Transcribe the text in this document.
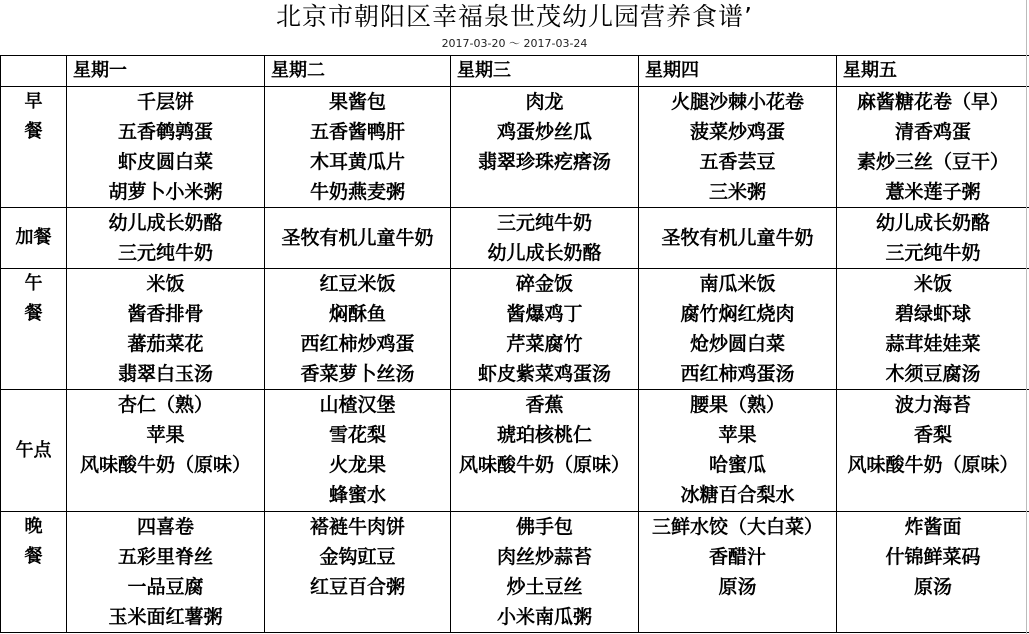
北京市朝阳区幸福泉世茂幼儿园营养食谱’
2017-03-20 ～ 2017-03-24
	星期一	星期二	星期三	星期四	星期五

早
餐	千层饼
五香鹌鹑蛋
虾皮圆白菜
胡萝卜小米粥	果酱包
五香酱鸭肝
木耳黄瓜片
牛奶燕麦粥	肉龙
鸡蛋炒丝瓜
翡翠珍珠疙瘩汤	火腿沙棘小花卷
菠菜炒鸡蛋
五香芸豆
三米粥	麻酱糖花卷（早）
清香鸡蛋
素炒三丝（豆干）
薏米莲子粥

加餐	幼儿成长奶酪
三元纯牛奶	圣牧有机儿童牛奶	三元纯牛奶
幼儿成长奶酪	圣牧有机儿童牛奶	幼儿成长奶酪
三元纯牛奶

午
餐	米饭
酱香排骨
蕃茄菜花
翡翠白玉汤	红豆米饭
焖酥鱼
西红柿炒鸡蛋
香菜萝卜丝汤	碎金饭
酱爆鸡丁
芹菜腐竹
虾皮紫菜鸡蛋汤	南瓜米饭
腐竹焖红烧肉
炝炒圆白菜
西红柿鸡蛋汤	米饭
碧绿虾球
蒜茸娃娃菜
木须豆腐汤

午点	杏仁（熟）
苹果
风味酸牛奶（原味）	山楂汉堡
雪花梨
火龙果
蜂蜜水	香蕉
琥珀核桃仁
风味酸牛奶（原味）	腰果（熟）
苹果
哈蜜瓜
冰糖百合梨水	波力海苔
香梨
风味酸牛奶（原味）

晚
餐	四喜卷
五彩里脊丝
一品豆腐
玉米面红薯粥	褡裢牛肉饼
金钩豇豆
红豆百合粥	佛手包
肉丝炒蒜苔
炒土豆丝
小米南瓜粥	三鲜水饺（大白菜）
香醋汁
原汤	炸酱面
什锦鲜菜码
原汤
